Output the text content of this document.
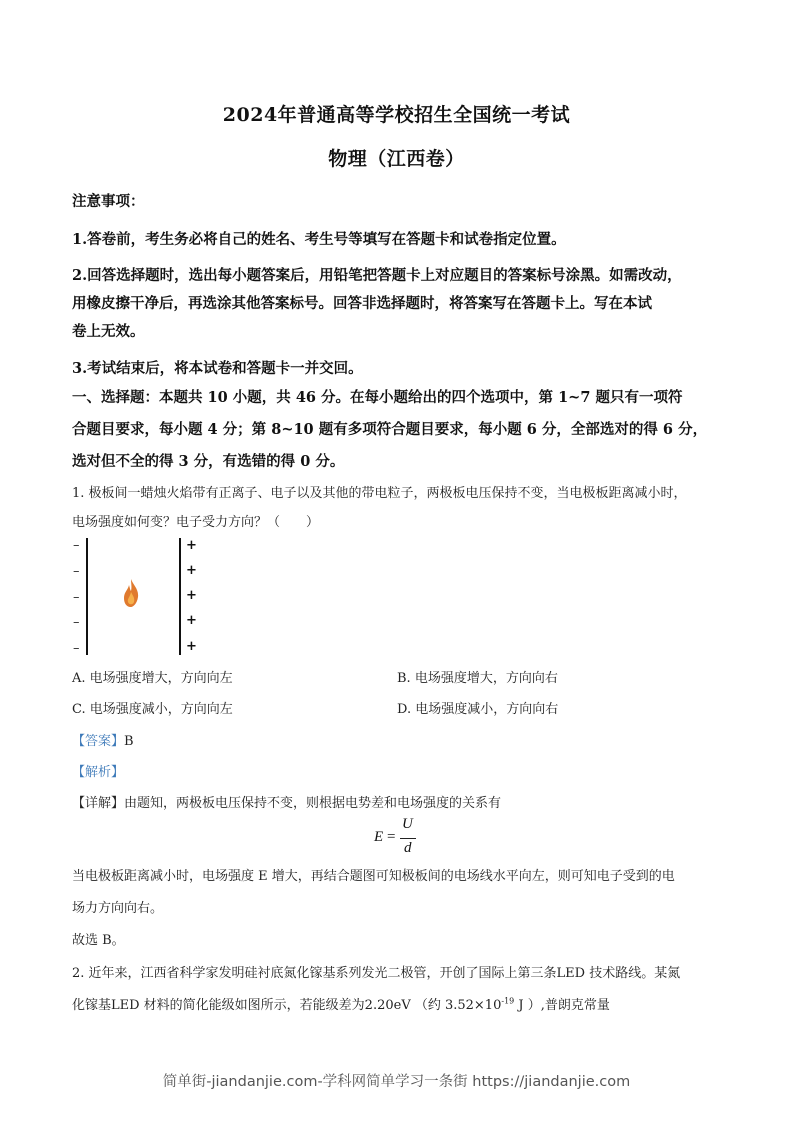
2024年普通高等学校招生全国统一考试
物理（江西卷）
注意事项：
1.答卷前，考生务必将自己的姓名、考生号等填写在答题卡和试卷指定位置。
2.回答选择题时，选出每小题答案后，用铅笔把答题卡上对应题目的答案标号涂黑。如需改动，
用橡皮擦干净后，再选涂其他答案标号。回答非选择题时，将答案写在答题卡上。写在本试
卷上无效。
3.考试结束后，将本试卷和答题卡一并交回。
一、选择题：本题共 10 小题，共 46 分。在每小题给出的四个选项中，第 1~7 题只有一项符
合题目要求，每小题 4 分；第 8~10 题有多项符合题目要求，每小题 6 分，全部选对的得 6 分，
选对但不全的得 3 分，有选错的得 0 分。
1. 极板间一蜡烛火焰带有正离子、电子以及其他的带电粒子，两极板电压保持不变，当电极板距离减小时，
电场强度如何变？电子受力方向？（　　）
–
–
–
–
–
+
+
+
+
+
A. 电场强度增大，方向向左	B. 电场强度增大，方向向右
C. 电场强度减小，方向向左	D. 电场强度减小，方向向右
【答案】B
【解析】
【详解】由题知，两极板电压保持不变，则根据电势差和电场强度的关系有
E =
U
d
当电极板距离减小时，电场强度 E 增大，再结合题图可知极板间的电场线水平向左，则可知电子受到的电
场力方向向右。
故选 B。
2. 近年来，江西省科学家发明硅衬底氮化镓基系列发光二极管，开创了国际上第三条LED 技术路线。某氮
化镓基LED 材料的简化能级如图所示，若能级差为2.20eV （约 $3.52\times 10^{-19}$ J ）,普朗克常量
简单街-jiandanjie.com-学科网简单学习一条街 https://jiandanjie.com
